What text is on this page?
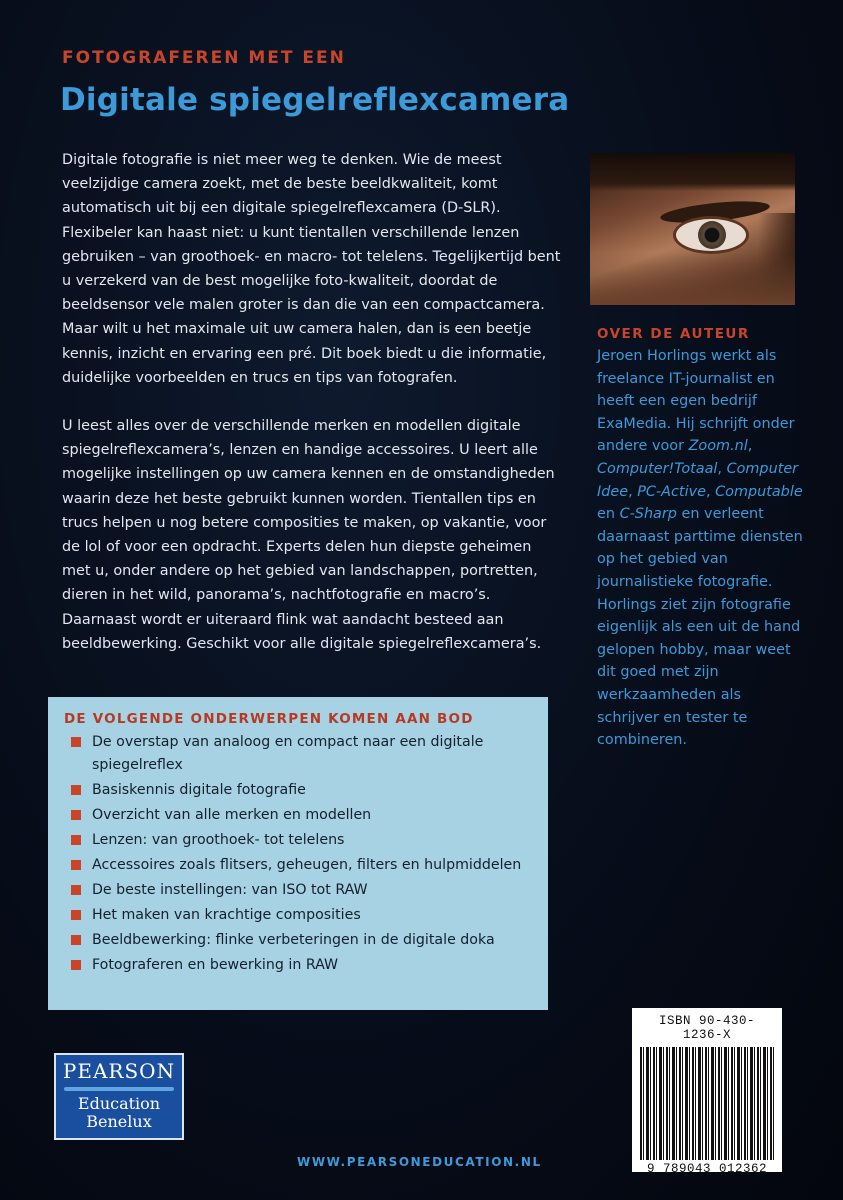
FOTOGRAFEREN MET EEN
Digitale spiegelreflexcamera
Digitale fotografie is niet meer weg te denken. Wie de meest veelzijdige camera zoekt, met de beste beeldkwaliteit, komt automatisch uit bij een digitale spiegelreflexcamera (D-SLR). Flexibeler kan haast niet: u kunt tientallen verschillende lenzen gebruiken – van groothoek- en macro- tot telelens. Tegelijkertijd bent u verzekerd van de best mogelijke foto-kwaliteit, doordat de beeldsensor vele malen groter is dan die van een compactcamera. Maar wilt u het maximale uit uw camera halen, dan is een beetje kennis, inzicht en ervaring een pré. Dit boek biedt u die informatie, duidelijke voorbeelden en trucs en tips van fotografen.
U leest alles over de verschillende merken en modellen digitale spiegelreflexcamera’s, lenzen en handige accessoires. U leert alle mogelijke instellingen op uw camera kennen en de omstandigheden waarin deze het beste gebruikt kunnen worden. Tientallen tips en trucs helpen u nog betere composities te maken, op vakantie, voor de lol of voor een opdracht. Experts delen hun diepste geheimen met u, onder andere op het gebied van landschappen, portretten, dieren in het wild, panorama’s, nachtfotografie en macro’s. Daarnaast wordt er uiteraard flink wat aandacht besteed aan beeldbewerking. Geschikt voor alle digitale spiegelreflexcamera’s.
OVER DE AUTEUR
Jeroen Horlings werkt als freelance IT-journalist en heeft een egen bedrijf ExaMedia. Hij schrijft onder andere voor Zoom.nl, Computer!Totaal, Computer Idee, PC-Active, Computable en C-Sharp en verleent daarnaast parttime diensten op het gebied van journalistieke fotografie. Horlings ziet zijn fotografie eigenlijk als een uit de hand gelopen hobby, maar weet dit goed met zijn werkzaamheden als schrijver en tester te combineren.
DE VOLGENDE ONDERWERPEN KOMEN AAN BOD
De overstap van analoog en compact naar een digitale spiegelreflex
Basiskennis digitale fotografie
Overzicht van alle merken en modellen
Lenzen: van groothoek- tot telelens
Accessoires zoals flitsers, geheugen, filters en hulpmiddelen
De beste instellingen: van ISO tot RAW
Het maken van krachtige composities
Beeldbewerking: flinke verbeteringen in de digitale doka
Fotograferen en bewerking in RAW
PEARSON
Education
Benelux
WWW.PEARSONEDUCATION.NL
ISBN 90-430-1236-X
9 789043 012362
